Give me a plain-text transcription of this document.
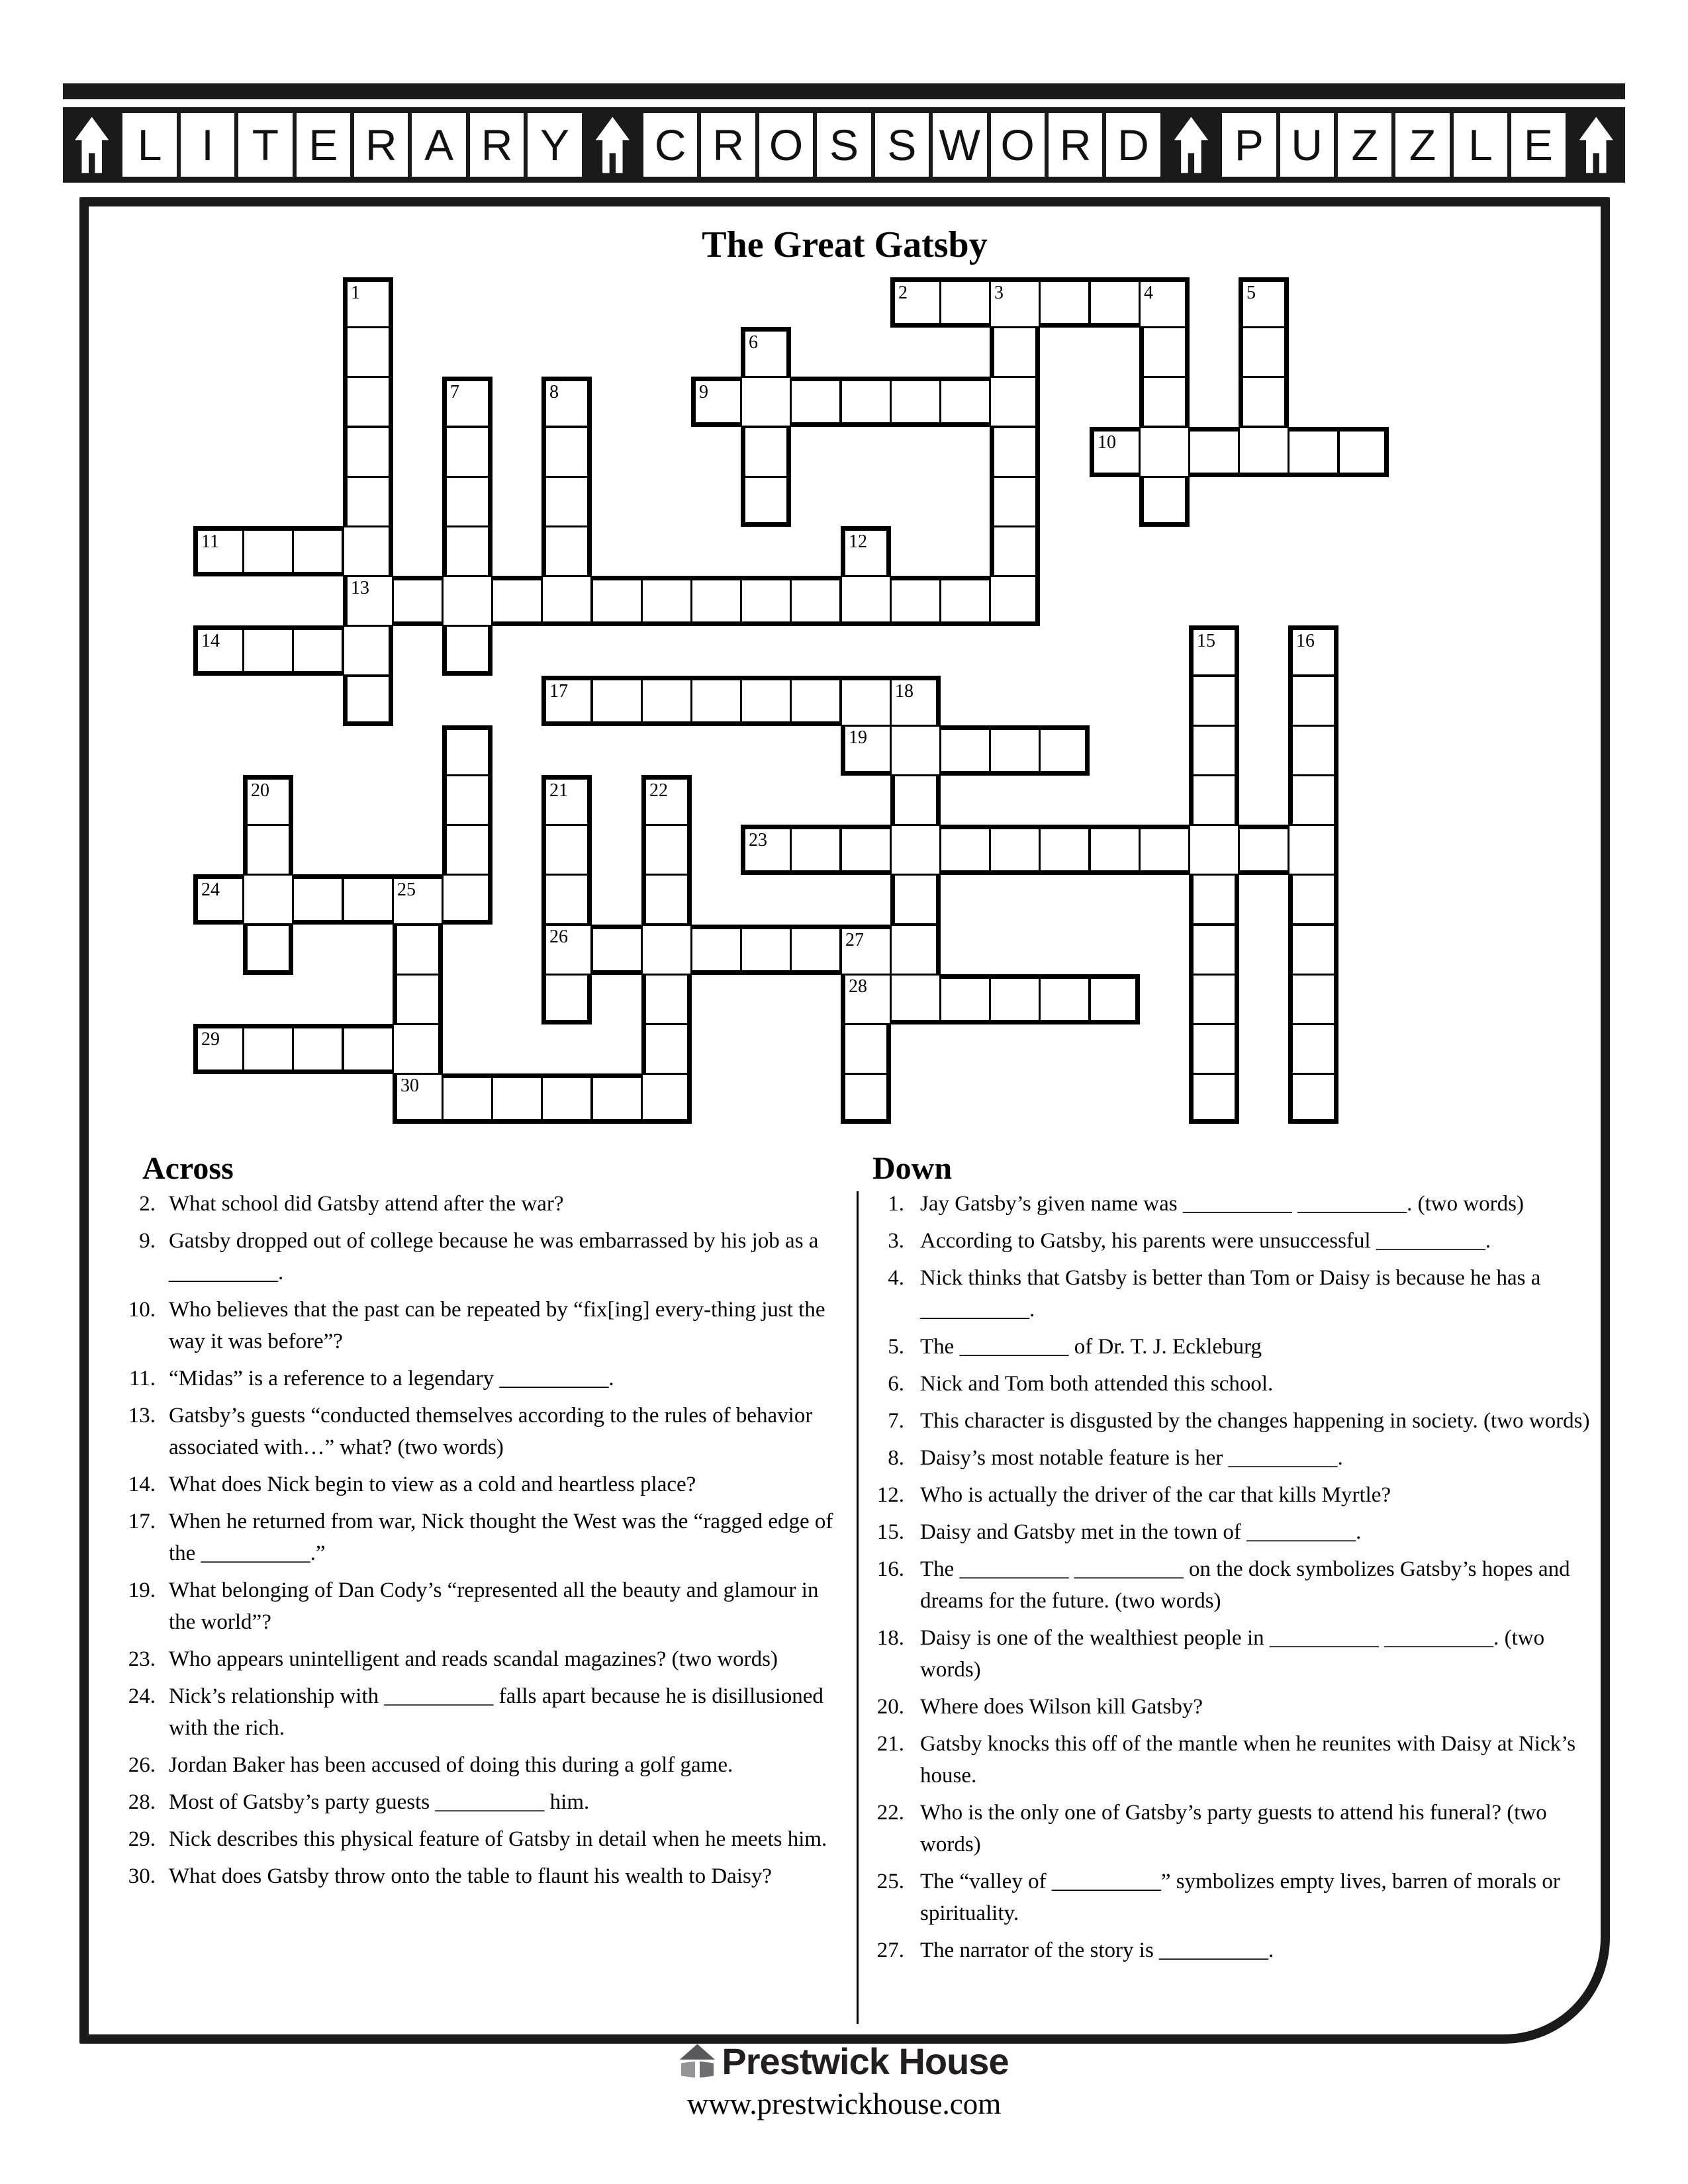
L I T E R A R Y C R O S S W O R D P U Z Z L E
The Great Gatsby
1	2	3	4	5
6
7	8	9
10
11	12
13
14	15	16
17	18
19
20	21	22
23
24	25
26	27
28
29
30
Across	Down
2. What school did Gatsby attend after the war?
9. Gatsby dropped out of college because he was embarrassed by his job as a __________.
10. Who believes that the past can be repeated by “fix[ing] every-thing just the way it was before”?
11. “Midas” is a reference to a legendary __________.
13. Gatsby’s guests “conducted themselves according to the rules of behavior associated with…” what? (two words)
14. What does Nick begin to view as a cold and heartless place?
17. When he returned from war, Nick thought the West was the “ragged edge of the __________.”
19. What belonging of Dan Cody’s “represented all the beauty and glamour in the world”?
23. Who appears unintelligent and reads scandal magazines? (two words)
24. Nick’s relationship with __________ falls apart because he is disillusioned with the rich.
26. Jordan Baker has been accused of doing this during a golf game.
28. Most of Gatsby’s party guests __________ him.
29. Nick describes this physical feature of Gatsby in detail when he meets him.
30. What does Gatsby throw onto the table to flaunt his wealth to Daisy?
1. Jay Gatsby’s given name was __________ __________. (two words)
3. According to Gatsby, his parents were unsuccessful __________.
4. Nick thinks that Gatsby is better than Tom or Daisy is because he has a __________.
5. The __________ of Dr. T. J. Eckleburg
6. Nick and Tom both attended this school.
7. This character is disgusted by the changes happening in society. (two words)
8. Daisy’s most notable feature is her __________.
12. Who is actually the driver of the car that kills Myrtle?
15. Daisy and Gatsby met in the town of __________.
16. The __________ __________ on the dock symbolizes Gatsby’s hopes and dreams for the future. (two words)
18. Daisy is one of the wealthiest people in __________ __________. (two words)
20. Where does Wilson kill Gatsby?
21. Gatsby knocks this off of the mantle when he reunites with Daisy at Nick’s house.
22. Who is the only one of Gatsby’s party guests to attend his funeral? (two words)
25. The “valley of __________” symbolizes empty lives, barren of morals or spirituality.
27. The narrator of the story is __________.
Prestwick House
www.prestwickhouse.com
